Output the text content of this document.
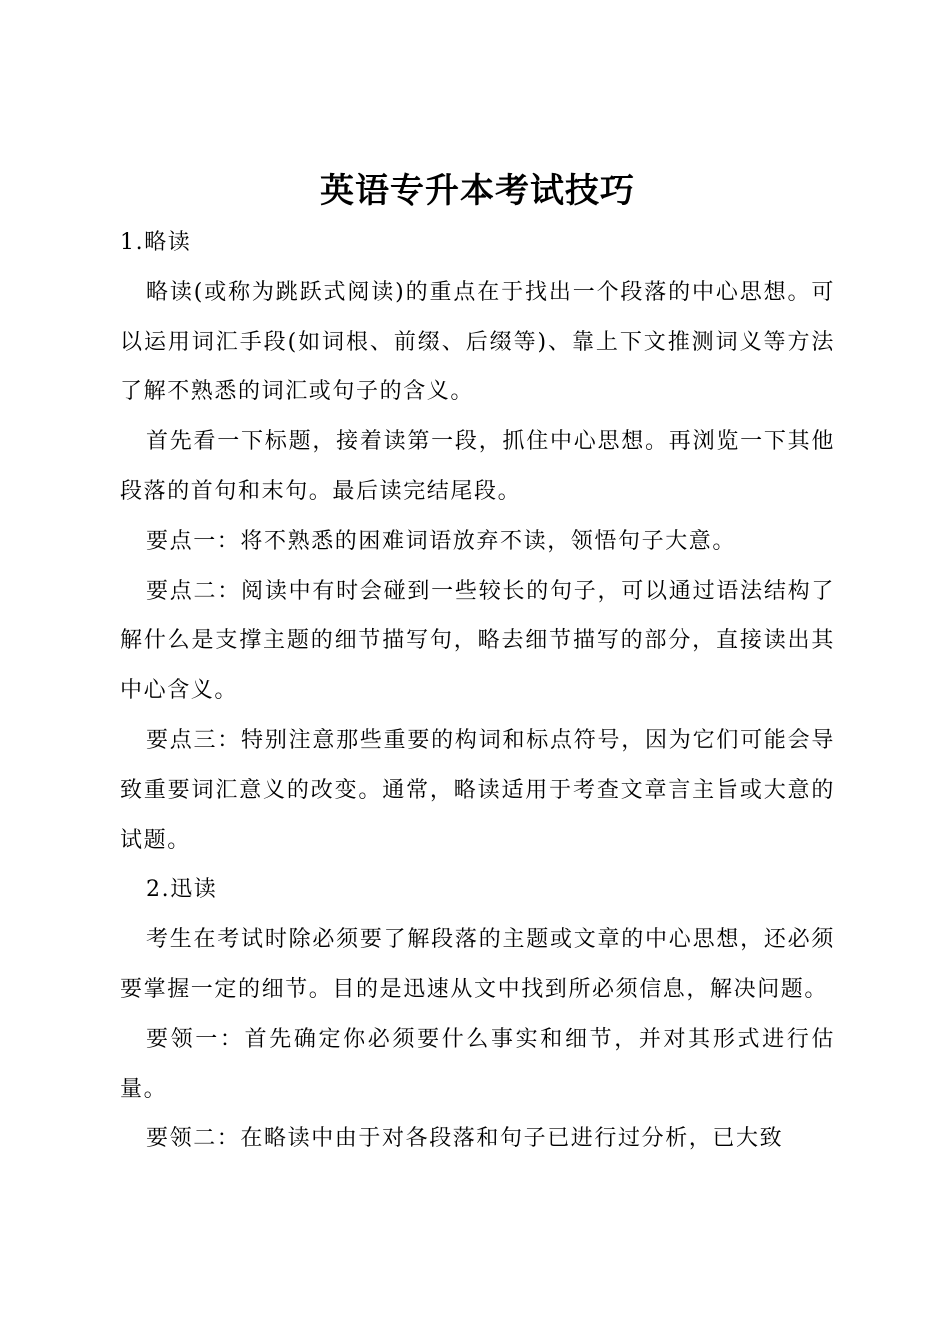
英语专升本考试技巧

1.略读

略读(或称为跳跃式阅读)的重点在于找出一个段落的中心思想。可以运用词汇手段(如词根、前缀、后缀等)、靠上下文推测词义等方法了解不熟悉的词汇或句子的含义。

首先看一下标题，接着读第一段，抓住中心思想。再浏览一下其他段落的首句和末句。最后读完结尾段。

要点一：将不熟悉的困难词语放弃不读，领悟句子大意。

要点二：阅读中有时会碰到一些较长的句子，可以通过语法结构了解什么是支撑主题的细节描写句，略去细节描写的部分，直接读出其中心含义。

要点三：特别注意那些重要的构词和标点符号，因为它们可能会导致重要词汇意义的改变。通常，略读适用于考查文章言主旨或大意的试题。

2.迅读

考生在考试时除必须要了解段落的主题或文章的中心思想，还必须要掌握一定的细节。目的是迅速从文中找到所必须信息，解决问题。

要领一：首先确定你必须要什么事实和细节，并对其形式进行估量。

要领二：在略读中由于对各段落和句子已进行过分析，已大致
